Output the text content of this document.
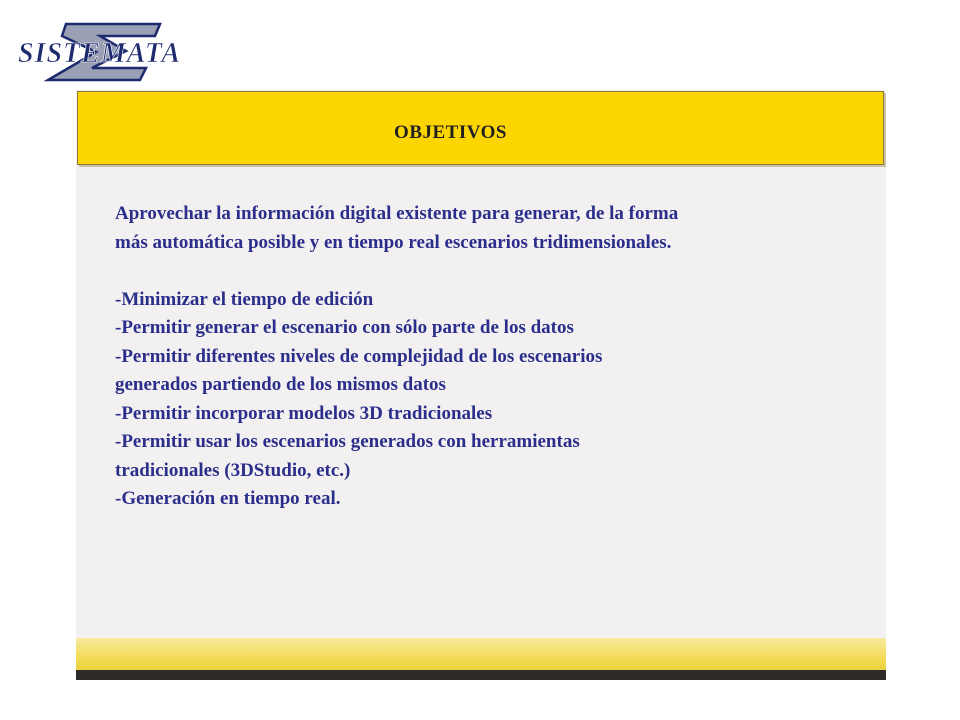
SISTEMATA
OBJETIVOS

Aprovechar la información digital existente para generar, de la forma

más automática posible y en tiempo real escenarios tridimensionales.

-Minimizar el tiempo de edición

-Permitir generar el escenario con sólo parte de los datos

-Permitir diferentes niveles de complejidad de los escenarios

generados partiendo de los mismos datos

-Permitir incorporar modelos 3D tradicionales

-Permitir usar los escenarios generados con herramientas

tradicionales (3DStudio, etc.)

-Generación en tiempo real.
